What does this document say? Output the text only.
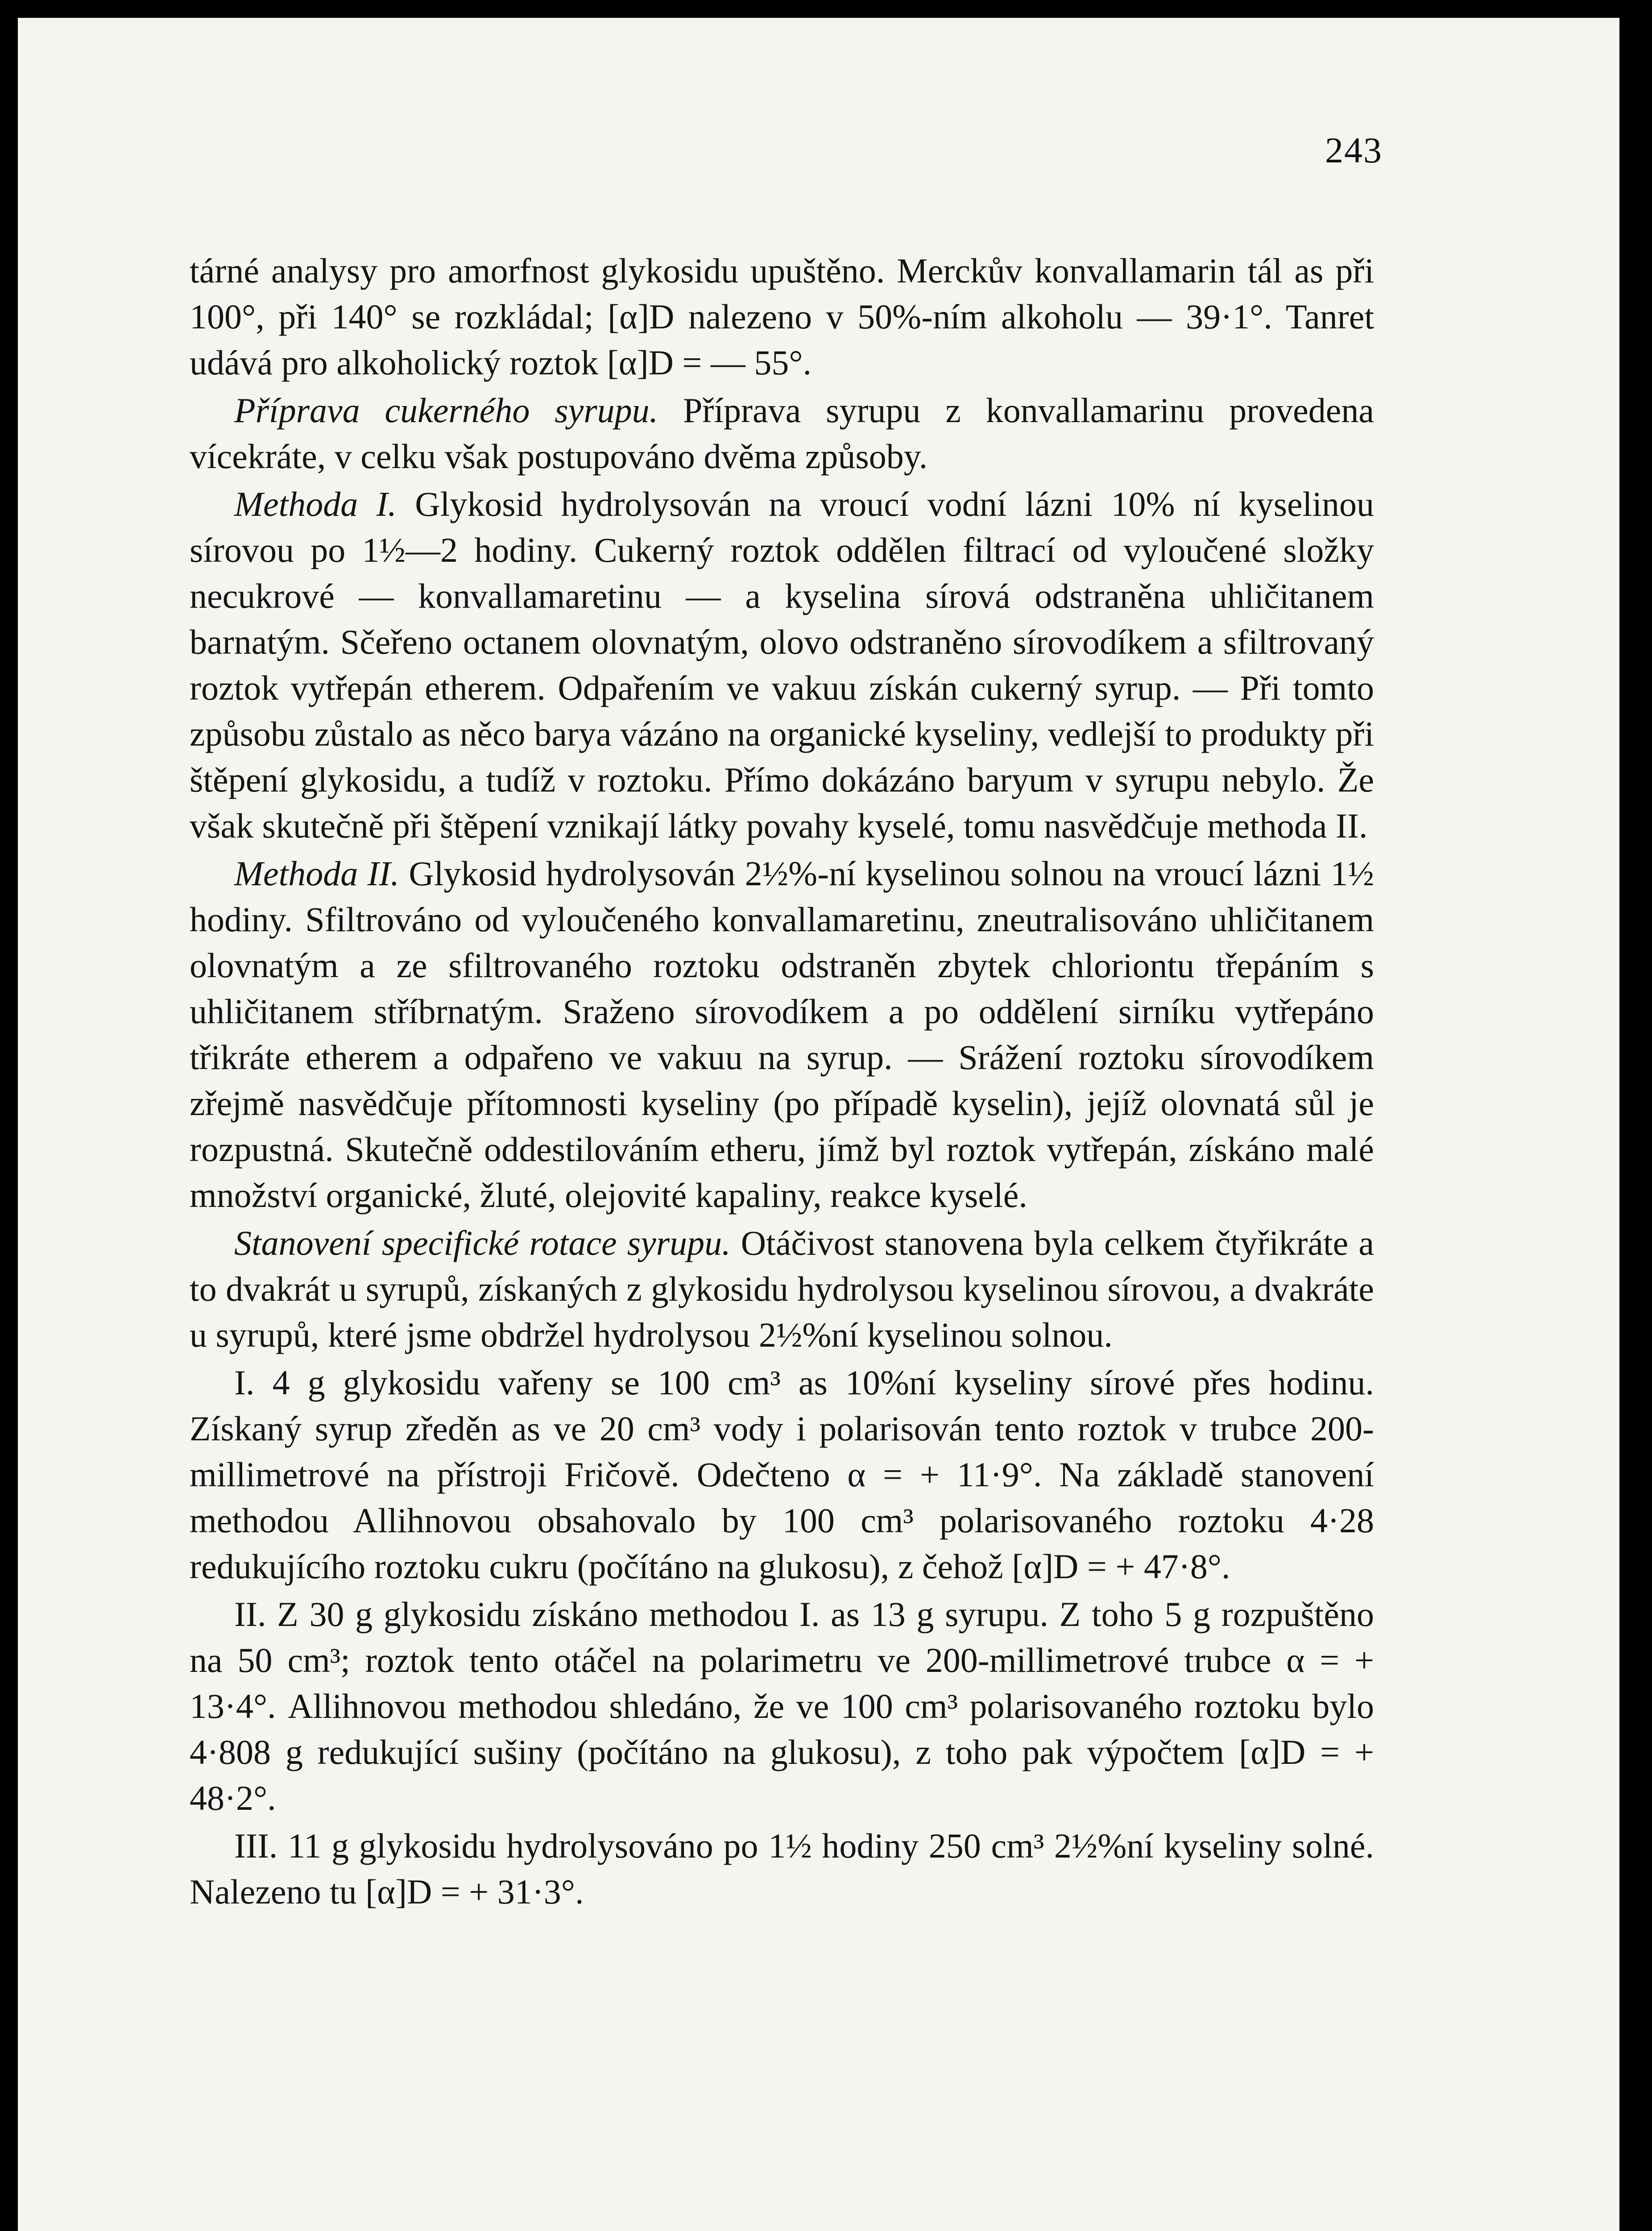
243

tárné analysy pro amorfnost glykosidu upuštěno. Merckův konvallamarin tál as při 100°, při 140° se rozkládal; [α]D nalezeno v 50%-ním alkoholu — 39·1°. Tanret udává pro alkoholický roztok [α]D = — 55°.

Příprava cukerného syrupu. Příprava syrupu z konvallamarinu provedena vícekráte, v celku však postupováno dvěma způsoby.

Methoda I. Glykosid hydrolysován na vroucí vodní lázni 10% ní kyselinou sírovou po 1½—2 hodiny. Cukerný roztok oddělen filtrací od vyloučené složky necukrové — konvallamaretinu — a kyselina sírová odstraněna uhličitanem barnatým. Sčeřeno octanem olovnatým, olovo odstraněno sírovodíkem a sfiltrovaný roztok vytřepán etherem. Odpařením ve vakuu získán cukerný syrup. — Při tomto způsobu zůstalo as něco barya vázáno na organické kyseliny, vedlejší to produkty při štěpení glykosidu, a tudíž v roztoku. Přímo dokázáno baryum v syrupu nebylo. Že však skutečně při štěpení vznikají látky povahy kyselé, tomu nasvědčuje methoda II.

Methoda II. Glykosid hydrolysován 2½%-ní kyselinou solnou na vroucí lázni 1½ hodiny. Sfiltrováno od vyloučeného konvallamaretinu, zneutralisováno uhličitanem olovnatým a ze sfiltrovaného roztoku odstraněn zbytek chloriontu třepáním s uhličitanem stříbrnatým. Sraženo sírovodíkem a po oddělení sirníku vytřepáno třikráte etherem a odpařeno ve vakuu na syrup. — Srážení roztoku sírovodíkem zřejmě nasvědčuje přítomnosti kyseliny (po případě kyselin), jejíž olovnatá sůl je rozpustná. Skutečně oddestilováním etheru, jímž byl roztok vytřepán, získáno malé množství organické, žluté, olejovité kapaliny, reakce kyselé.

Stanovení specifické rotace syrupu. Otáčivost stanovena byla celkem čtyřikráte a to dvakrát u syrupů, získaných z glykosidu hydrolysou kyselinou sírovou, a dvakráte u syrupů, které jsme obdržel hydrolysou 2½%ní kyselinou solnou.

I. 4 g glykosidu vařeny se 100 cm³ as 10%ní kyseliny sírové přes hodinu. Získaný syrup zředěn as ve 20 cm³ vody i polarisován tento roztok v trubce 200-millimetrové na přístroji Fričově. Odečteno α = + 11·9°. Na základě stanovení methodou Allihnovou obsahovalo by 100 cm³ polarisovaného roztoku 4·28 redukujícího roztoku cukru (počítáno na glukosu), z čehož [α]D = + 47·8°.

II. Z 30 g glykosidu získáno methodou I. as 13 g syrupu. Z toho 5 g rozpuštěno na 50 cm³; roztok tento otáčel na polarimetru ve 200-millimetrové trubce α = + 13·4°. Allihnovou methodou shledáno, že ve 100 cm³ polarisovaného roztoku bylo 4·808 g redukující sušiny (počítáno na glukosu), z toho pak výpočtem [α]D = + 48·2°.

III. 11 g glykosidu hydrolysováno po 1½ hodiny 250 cm³ 2½%ní kyseliny solné. Nalezeno tu [α]D = + 31·3°.
